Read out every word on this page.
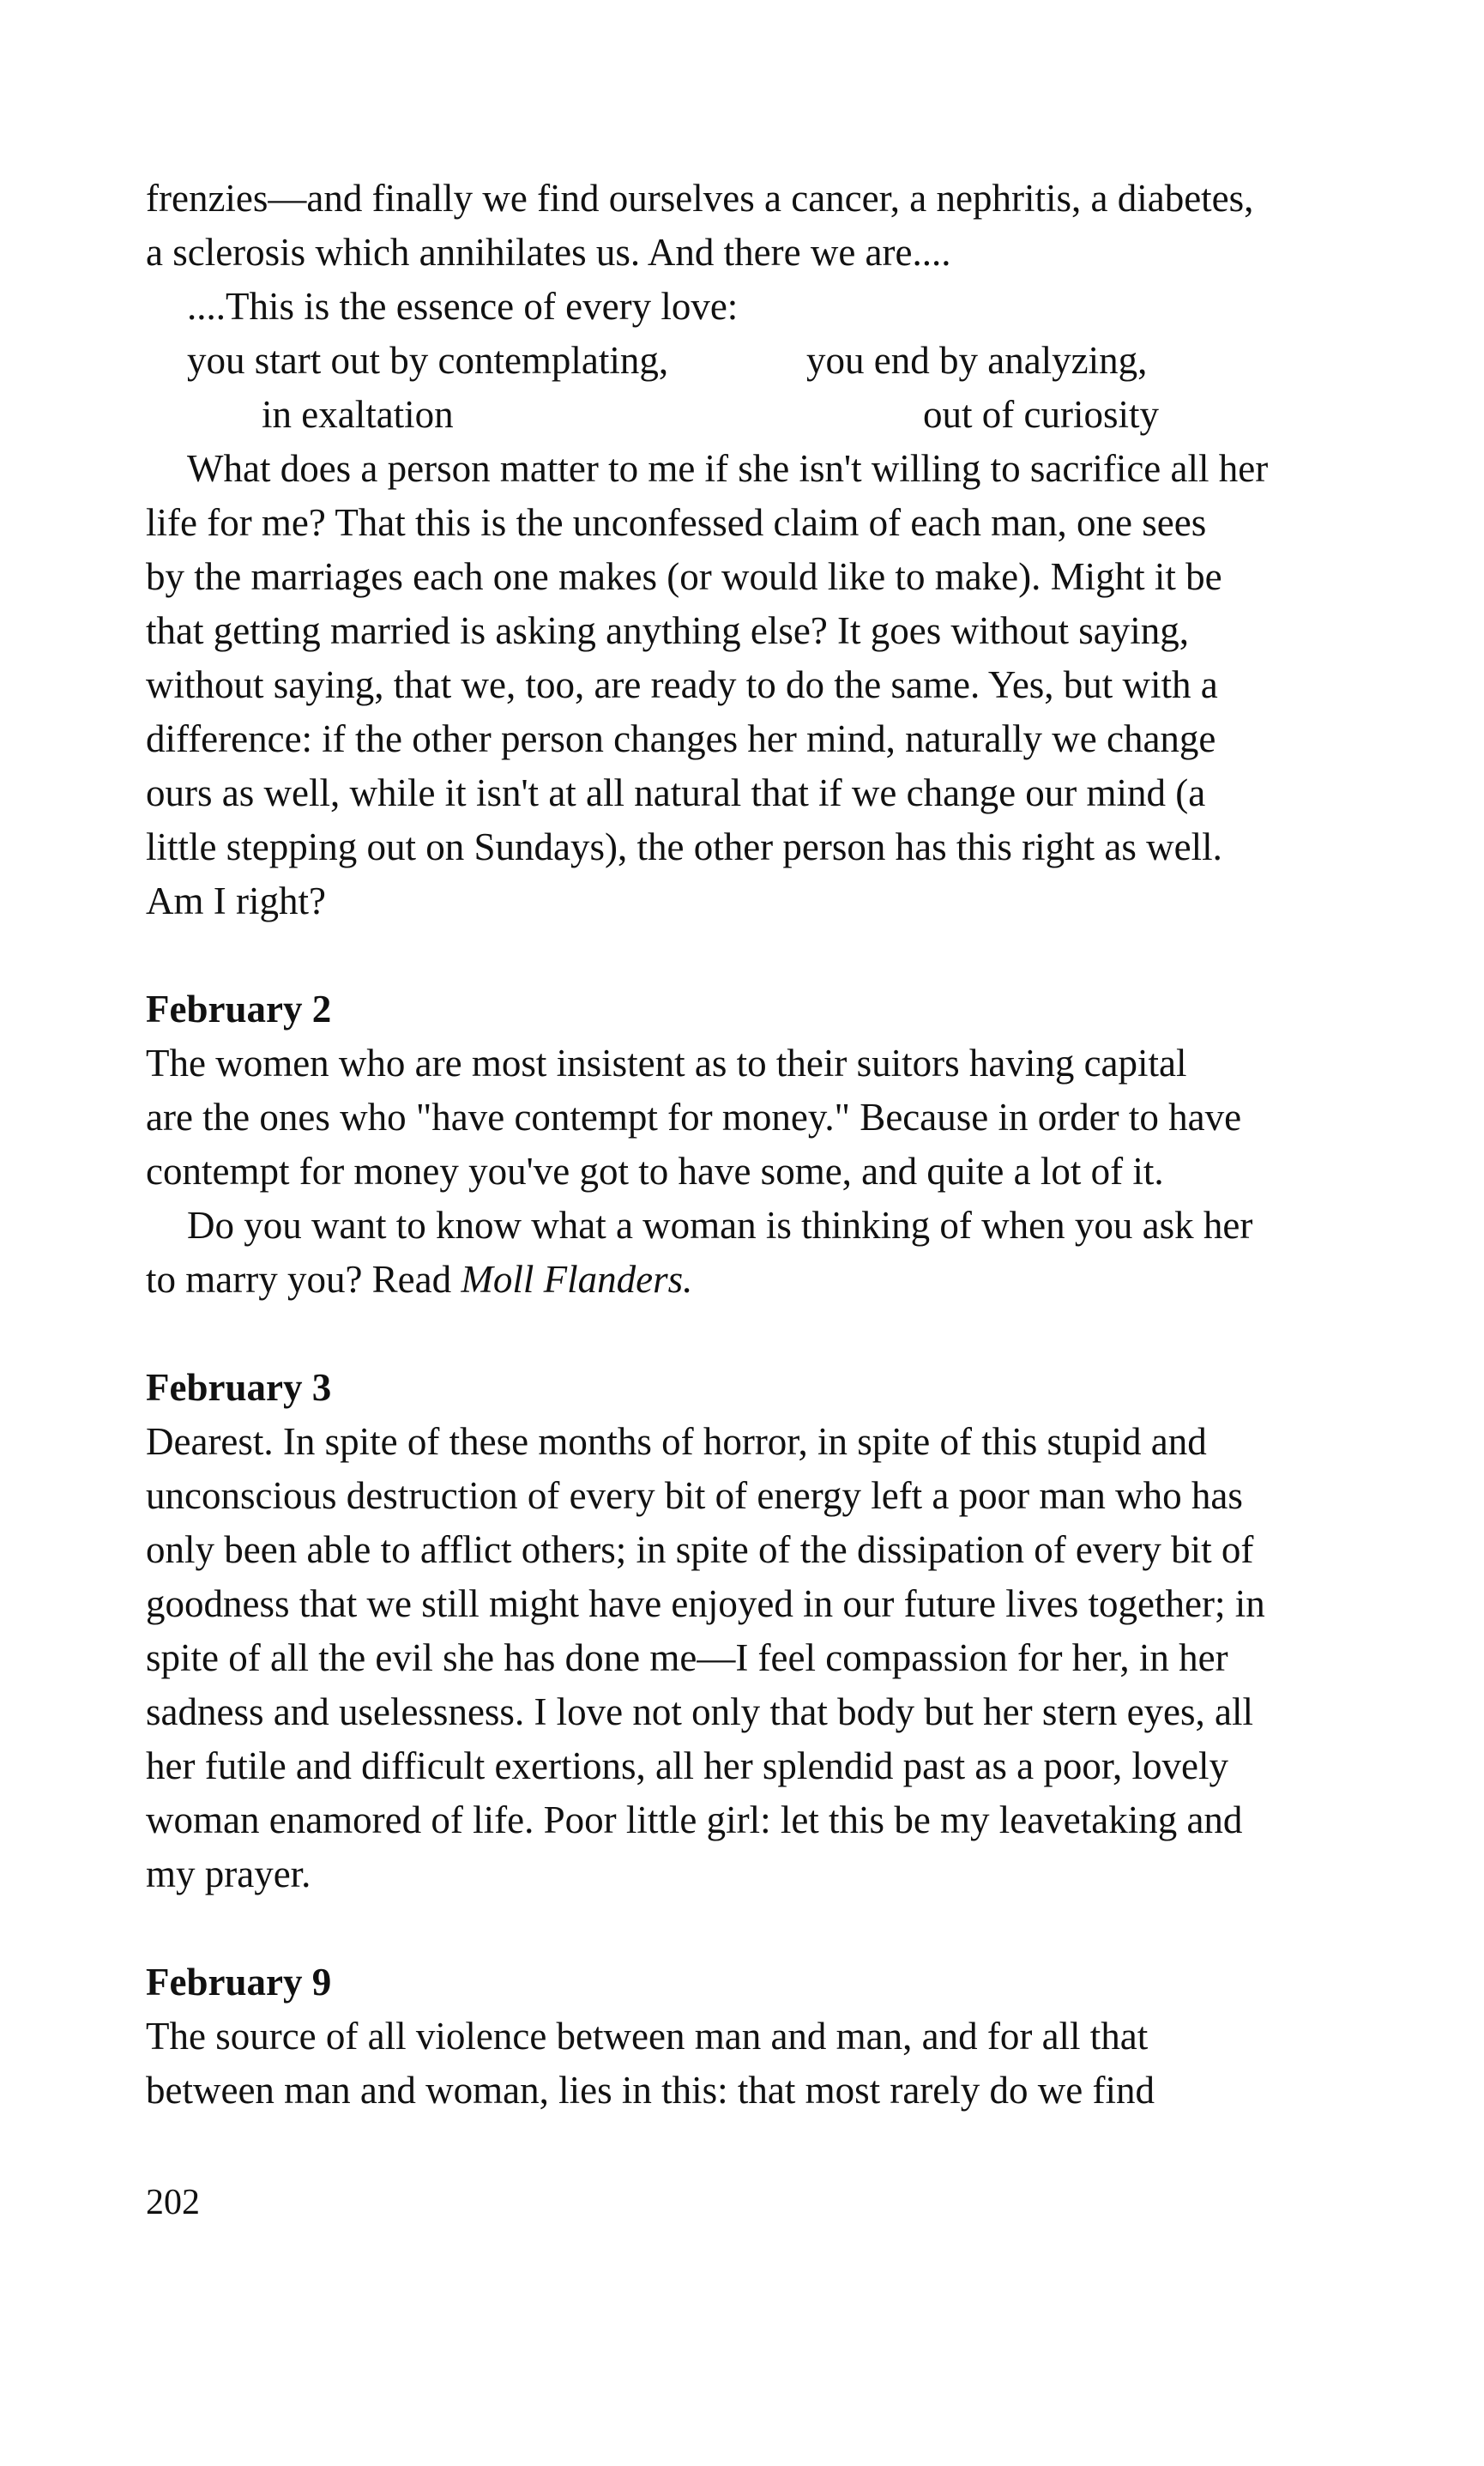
frenzies—and finally we find ourselves a cancer, a nephritis, a diabetes,
a sclerosis which annihilates us. And there we are....
....This is the essence of every love:
you start out by contemplating,	you end by analyzing,
in exaltation	out of curiosity
What does a person matter to me if she isn't willing to sacrifice all her
life for me? That this is the unconfessed claim of each man, one sees
by the marriages each one makes (or would like to make). Might it be
that getting married is asking anything else? It goes without saying,
without saying, that we, too, are ready to do the same. Yes, but with a
difference: if the other person changes her mind, naturally we change
ours as well, while it isn't at all natural that if we change our mind (a
little stepping out on Sundays), the other person has this right as well.
Am I right?
February 2
The women who are most insistent as to their suitors having capital
are the ones who "have contempt for money." Because in order to have
contempt for money you've got to have some, and quite a lot of it.
Do you want to know what a woman is thinking of when you ask her
to marry you? Read Moll Flanders.
February 3
Dearest. In spite of these months of horror, in spite of this stupid and
unconscious destruction of every bit of energy left a poor man who has
only been able to afflict others; in spite of the dissipation of every bit of
goodness that we still might have enjoyed in our future lives together; in
spite of all the evil she has done me—I feel compassion for her, in her
sadness and uselessness. I love not only that body but her stern eyes, all
her futile and difficult exertions, all her splendid past as a poor, lovely
woman enamored of life. Poor little girl: let this be my leavetaking and
my prayer.
February 9
The source of all violence between man and man, and for all that
between man and woman, lies in this: that most rarely do we find
202
